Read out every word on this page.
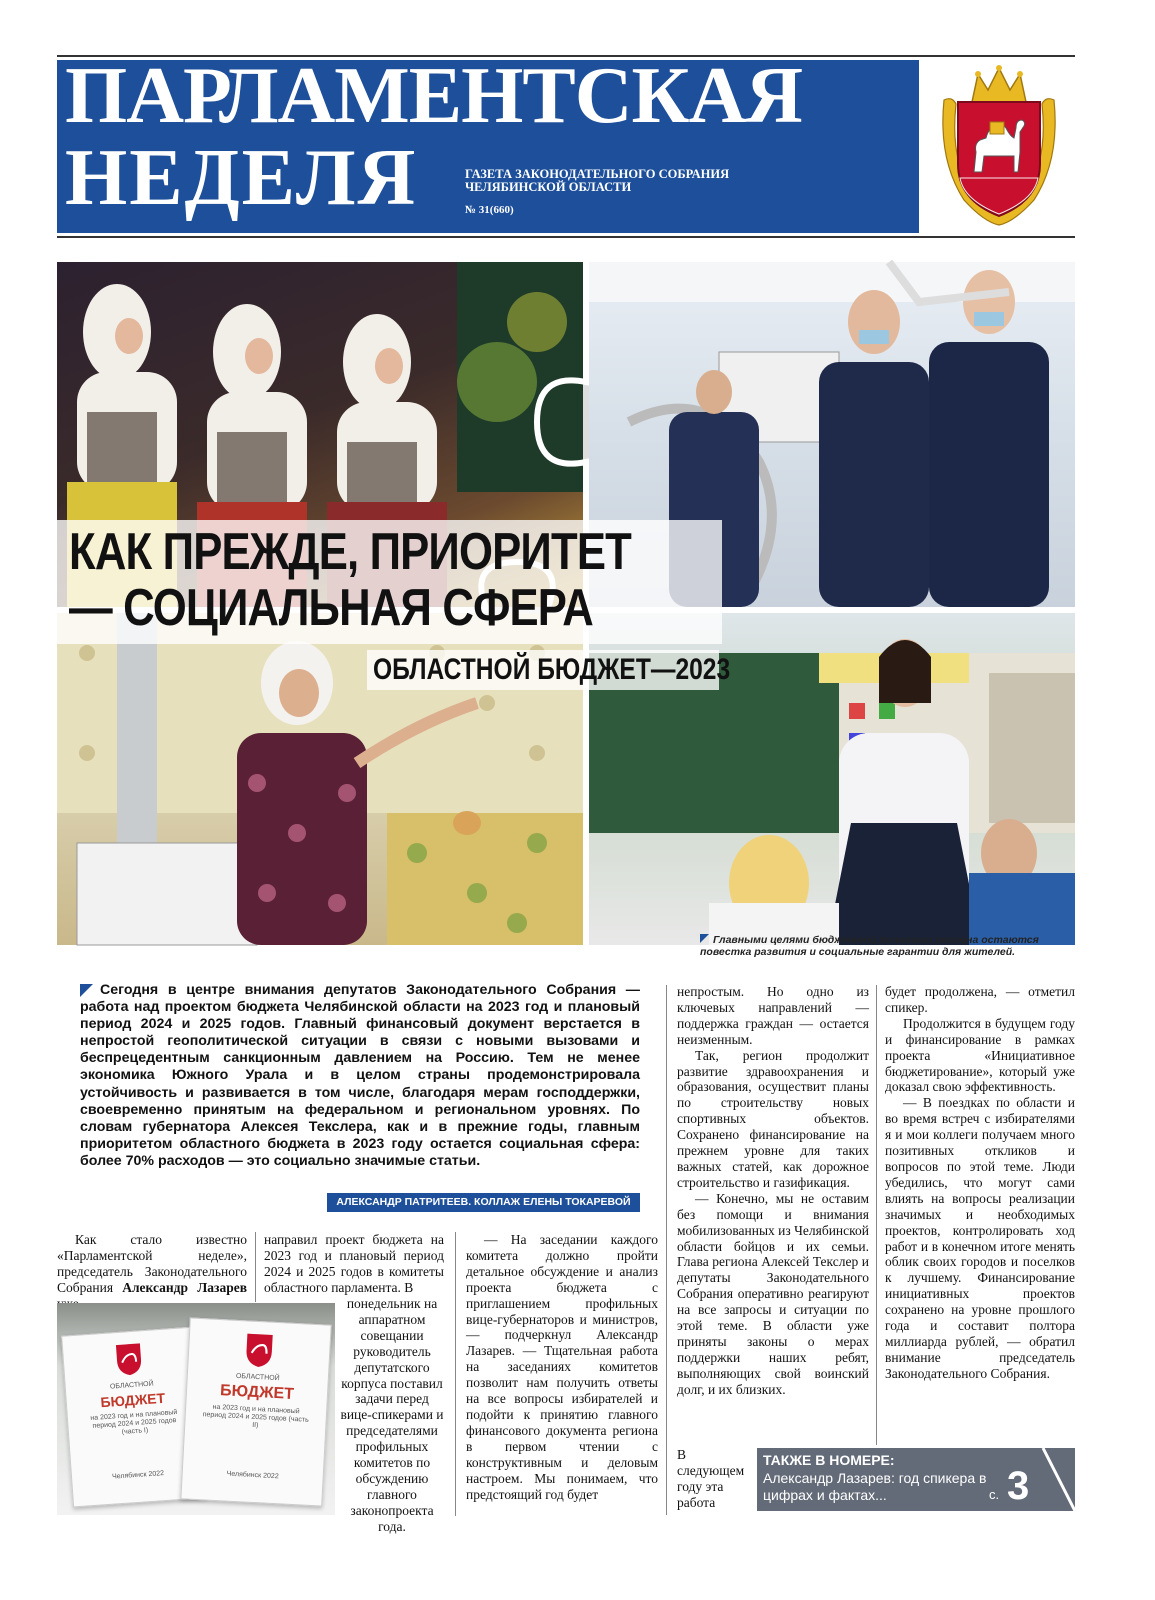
ПАРЛАМЕНТСКАЯ
НЕДЕЛЯ	ГАЗЕТА ЗАКОНОДАТЕЛЬНОГО СОБРАНИЯ
ЧЕЛЯБИНСКОЙ ОБЛАСТИ
№ 31(660)
КАК ПРЕЖДЕ, ПРИОРИТЕТ
— СОЦИАЛЬНАЯ СФЕРА
ОБЛАСТНОЙ БЮДЖЕТ—2023
Главными целями бюджетной политики региона остаются
повестка развития и социальные гарантии для жителей.
Сегодня в центре внимания депутатов Законодательного Собрания — работа над проектом бюджета Челябинской области на 2023 год и плановый период 2024 и 2025 годов. Главный финансовый документ верстается в непростой геополитической ситуации в связи с новыми вызовами и беспрецедентным санкционным давлением на Россию. Тем не менее экономика Южного Урала и в целом страны продемонстрировала устойчивость и развивается в том числе, благодаря мерам господдержки, своевременно принятым на федеральном и региональном уровнях. По словам губернатора Алексея Текслера, как и в прежние годы, главным приоритетом областного бюджета в 2023 году остается социальная сфера: более 70% расходов — это социально значимые статьи.
АЛЕКСАНДР ПАТРИТЕЕВ. КОЛЛАЖ ЕЛЕНЫ ТОКАРЕВОЙ

Как стало известно «Парламентской неделе», председатель Законодательного Собрания Александр Лазарев

направил проект бюджета на 2023 год и плановый период 2024 и 2025 годов в комитеты областного парламента. В

понедельник на аппаратном совещании руководитель депутатского корпуса поставил задачи перед вице-спикерами и председателями профильных комитетов по обсуждению главного законопроекта года.

— На заседании каждого комитета должно пройти детальное обсуждение и анализ проекта бюджета с приглашением профильных вице-губернаторов и министров, — подчеркнул Александр Лазарев. — Тщательная работа на заседаниях комитетов позволит нам получить ответы на все вопросы избирателей и подойти к принятию главного финансового документа региона в первом чтении с конструктивным и деловым настроем. Мы понимаем, что предстоящий год будет

непростым. Но одно из ключевых направлений — поддержка граждан — остается неизменным.

Так, регион продолжит развитие здравоохранения и образования, осуществит планы по строительству новых спортивных объектов. Сохранено финансирование на прежнем уровне для таких важных статей, как дорожное строительство и газификация.

— Конечно, мы не оставим без помощи и внимания мобилизованных из Челябинской области бойцов и их семьи. Глава региона Алексей Текслер и депутаты Законодательного Собрания оперативно реагируют на все запросы и ситуации по этой теме. В области уже приняты законы о мерах поддержки наших ребят, выполняющих свой воинский долг, и их близких.

В следующем году эта работа

будет продолжена, — отметил спикер.

Продолжится в будущем году и финансирование в рамках проекта «Инициативное бюджетирование», который уже доказал свою эффективность.

— В поездках по области и во время встреч с избирателями я и мои коллеги получаем много позитивных откликов и вопросов по этой теме. Люди убедились, что могут сами влиять на вопросы реализации значимых и необходимых проектов, контролировать ход работ и в конечном итоге менять облик своих городов и поселков к лучшему. Финансирование инициативных проектов сохранено на уровне прошлого года и составит полтора миллиарда рублей, — обратил внимание председатель Законодательного Собрания.

ОБЛАСТНОЙ
БЮДЖЕТ
на 2023 год и на плановый период 2024 и 2025 годов (часть I)
Челябинск 2022
ОБЛАСТНОЙ
БЮДЖЕТ
на 2023 год и на плановый период 2024 и 2025 годов (часть II)
Челябинск 2022
ТАКЖЕ В НОМЕРЕ:
Александр Лазарев: год спикера в цифрах и фактах...	с. 3
